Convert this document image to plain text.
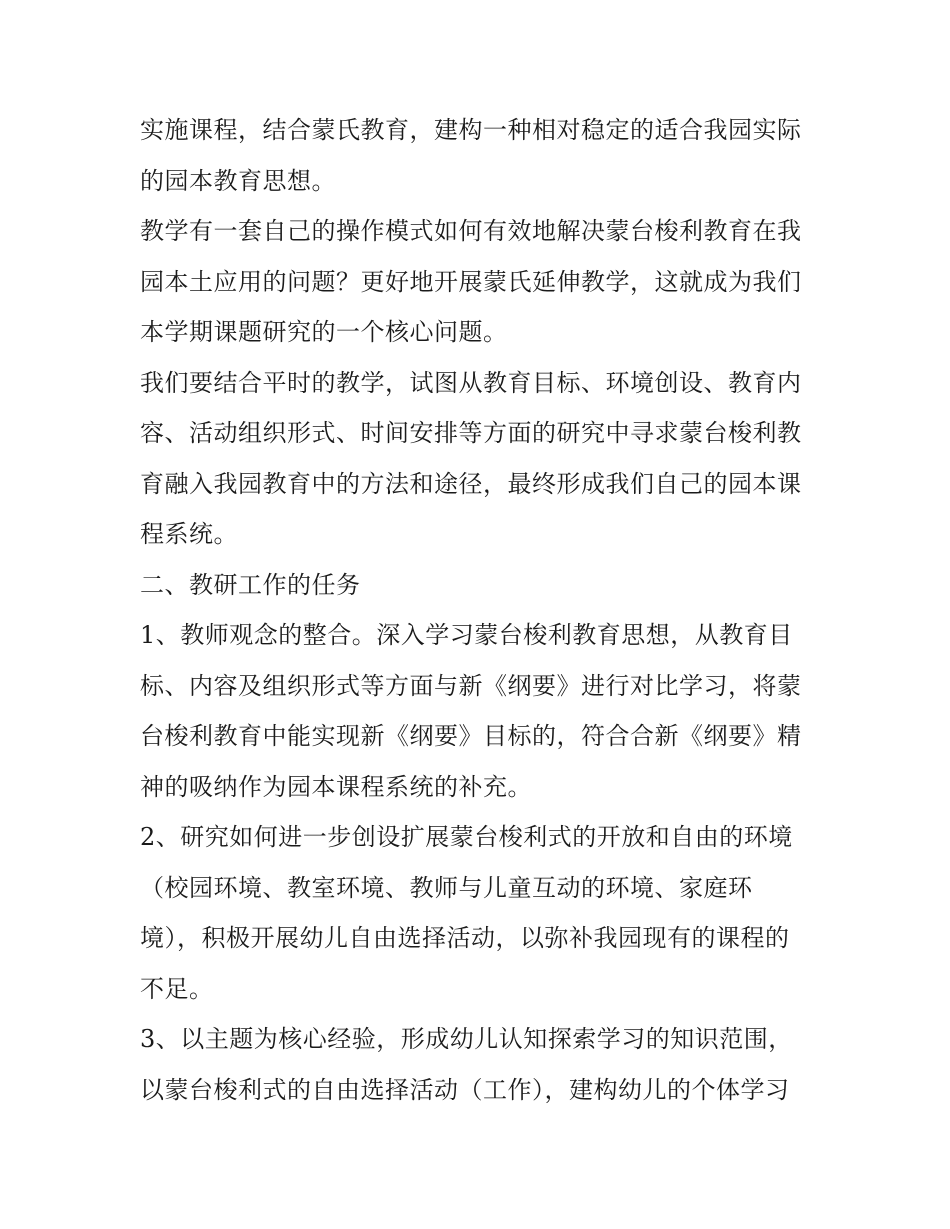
实施课程，结合蒙氏教育，建构一种相对稳定的适合我园实际

的园本教育思想。

教学有一套自己的操作模式如何有效地解决蒙台梭利教育在我

园本土应用的问题？更好地开展蒙氏延伸教学，这就成为我们

本学期课题研究的一个核心问题。

我们要结合平时的教学，试图从教育目标、环境创设、教育内

容、活动组织形式、时间安排等方面的研究中寻求蒙台梭利教

育融入我园教育中的方法和途径，最终形成我们自己的园本课

程系统。

二、教研工作的任务

1、教师观念的整合。深入学习蒙台梭利教育思想，从教育目

标、内容及组织形式等方面与新《纲要》进行对比学习，将蒙

台梭利教育中能实现新《纲要》目标的，符合合新《纲要》精

神的吸纳作为园本课程系统的补充。

2、研究如何进一步创设扩展蒙台梭利式的开放和自由的环境

（校园环境、教室环境、教师与儿童互动的环境、家庭环

境），积极开展幼儿自由选择活动，以弥补我园现有的课程的

不足。

3、以主题为核心经验，形成幼儿认知探索学习的知识范围，

以蒙台梭利式的自由选择活动（工作），建构幼儿的个体学习
